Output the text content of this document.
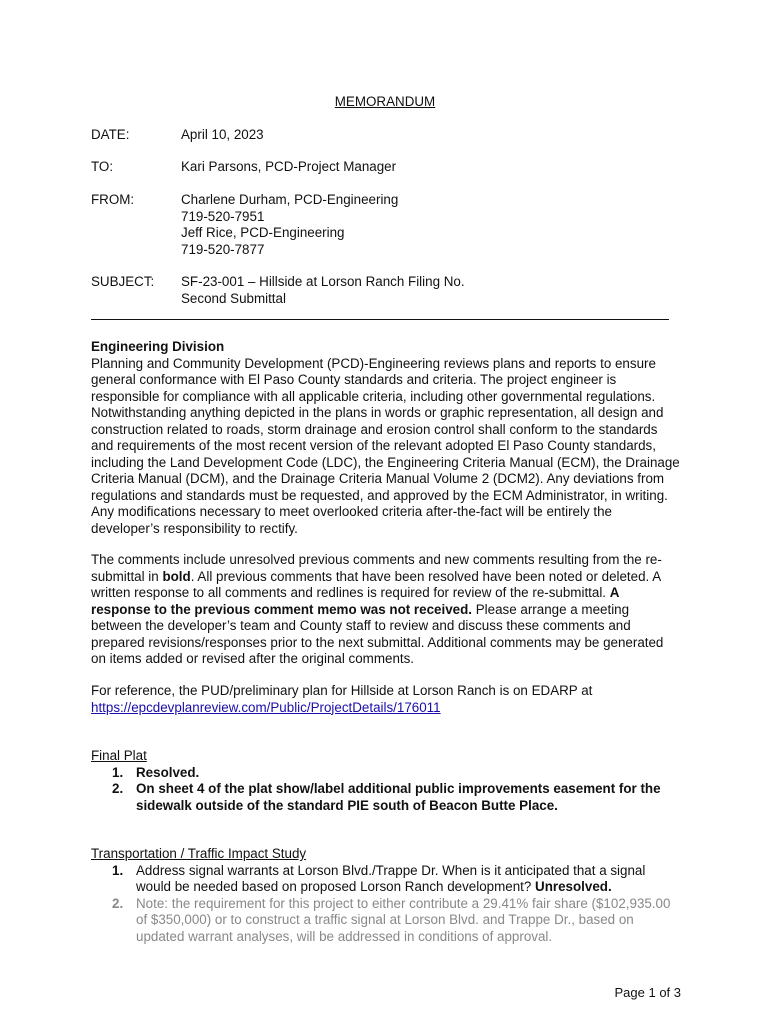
MEMORANDUM
DATE:	April 10, 2023
TO:	Kari Parsons, PCD-Project Manager
FROM:	Charlene Durham, PCD-Engineering
719-520-7951
Jeff Rice, PCD-Engineering
719-520-7877
SUBJECT: SF-23-001 – Hillside at Lorson Ranch Filing No.
Second Submittal
Engineering Division
Planning and Community Development (PCD)-Engineering reviews plans and reports to ensure general conformance with El Paso County standards and criteria. The project engineer is responsible for compliance with all applicable criteria, including other governmental regulations. Notwithstanding anything depicted in the plans in words or graphic representation, all design and construction related to roads, storm drainage and erosion control shall conform to the standards and requirements of the most recent version of the relevant adopted El Paso County standards, including the Land Development Code (LDC), the Engineering Criteria Manual (ECM), the Drainage Criteria Manual (DCM), and the Drainage Criteria Manual Volume 2 (DCM2). Any deviations from regulations and standards must be requested, and approved by the ECM Administrator, in writing. Any modifications necessary to meet overlooked criteria after-the-fact will be entirely the developer’s responsibility to rectify.
The comments include unresolved previous comments and new comments resulting from the re-submittal in bold. All previous comments that have been resolved have been noted or deleted. A written response to all comments and redlines is required for review of the re-submittal. A response to the previous comment memo was not received. Please arrange a meeting between the developer’s team and County staff to review and discuss these comments and prepared revisions/responses prior to the next submittal. Additional comments may be generated on items added or revised after the original comments.
For reference, the PUD/preliminary plan for Hillside at Lorson Ranch is on EDARP at
https://epcdevplanreview.com/Public/ProjectDetails/176011
Final Plat
1. Resolved.
2. On sheet 4 of the plat show/label additional public improvements easement for the sidewalk outside of the standard PIE south of Beacon Butte Place.
Transportation / Traffic Impact Study
1. Address signal warrants at Lorson Blvd./Trappe Dr. When is it anticipated that a signal would be needed based on proposed Lorson Ranch development? Unresolved.
2. Note: the requirement for this project to either contribute a 29.41% fair share ($102,935.00 of $350,000) or to construct a traffic signal at Lorson Blvd. and Trappe Dr., based on updated warrant analyses, will be addressed in conditions of approval.
Page 1 of 3
